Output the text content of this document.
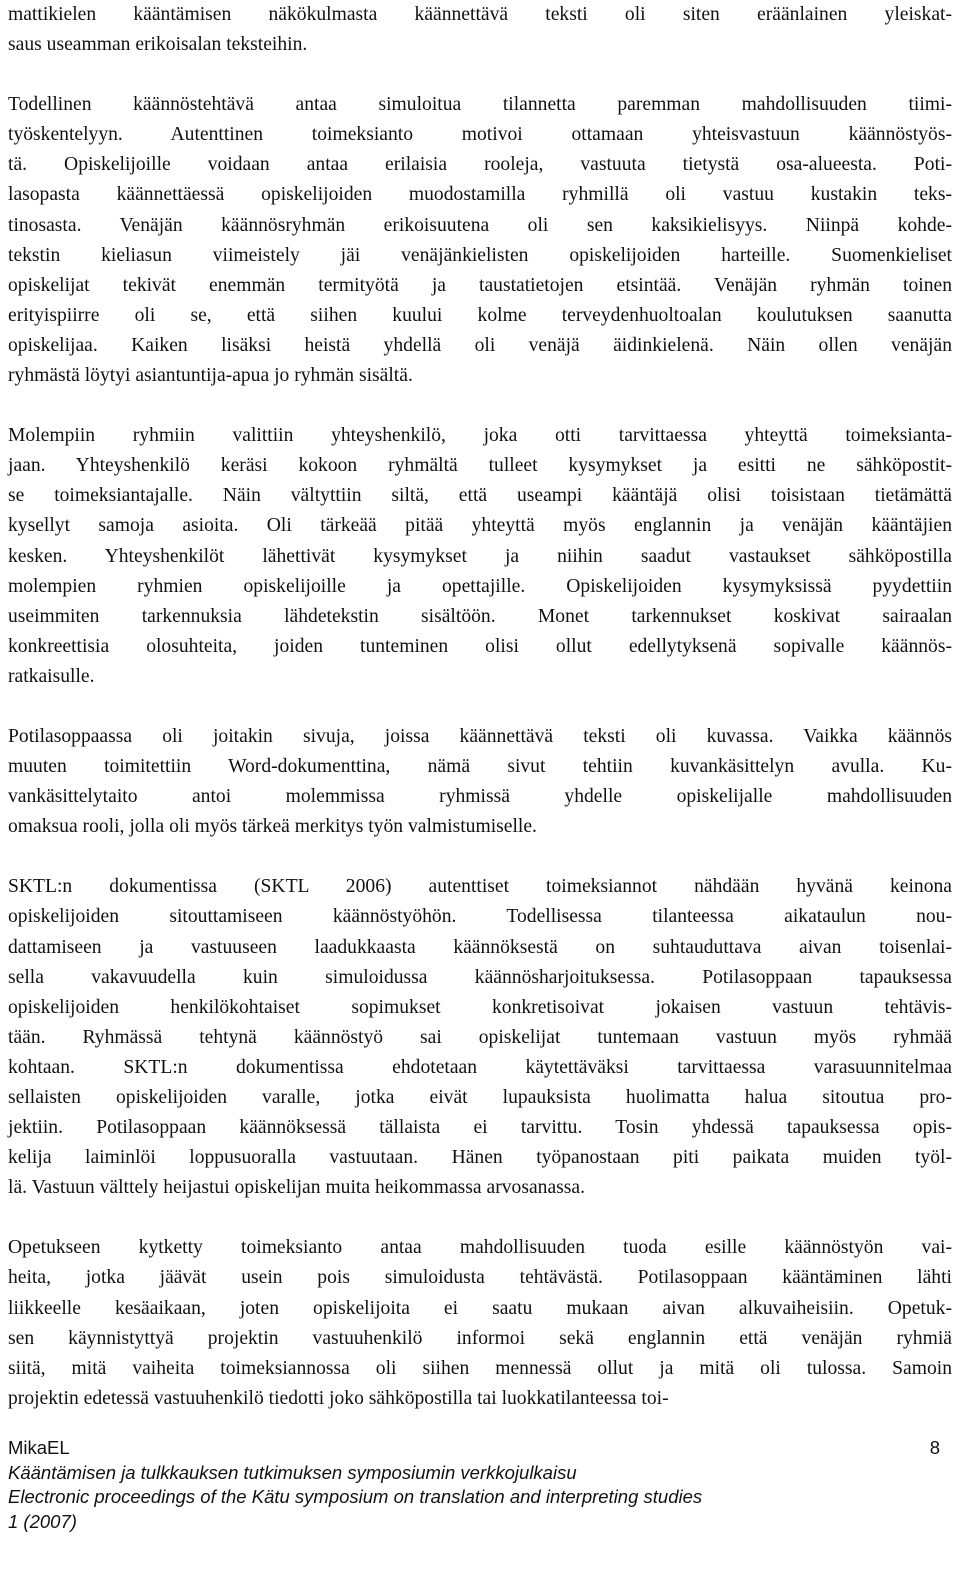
mattikielen kääntämisen näkökulmasta käännettävä teksti oli siten eräänlainen yleiskat-
saus useamman erikoisalan teksteihin.

Todellinen käännöstehtävä antaa simuloitua tilannetta paremman mahdollisuuden tiimi-
työskentelyyn. Autenttinen toimeksianto motivoi ottamaan yhteisvastuun käännöstyös-
tä. Opiskelijoille voidaan antaa erilaisia rooleja, vastuuta tietystä osa-alueesta. Poti-
lasopasta käännettäessä opiskelijoiden muodostamilla ryhmillä oli vastuu kustakin teks-
tinosasta. Venäjän käännösryhmän erikoisuutena oli sen kaksikielisyys. Niinpä kohde-
tekstin kieliasun viimeistely jäi venäjänkielisten opiskelijoiden harteille. Suomenkieliset
opiskelijat tekivät enemmän termityötä ja taustatietojen etsintää. Venäjän ryhmän toinen
erityispiirre oli se, että siihen kuului kolme terveydenhuoltoalan koulutuksen saanutta
opiskelijaa. Kaiken lisäksi heistä yhdellä oli venäjä äidinkielenä. Näin ollen venäjän
ryhmästä löytyi asiantuntija-apua jo ryhmän sisältä.

Molempiin ryhmiin valittiin yhteyshenkilö, joka otti tarvittaessa yhteyttä toimeksianta-
jaan. Yhteyshenkilö keräsi kokoon ryhmältä tulleet kysymykset ja esitti ne sähköpostit-
se toimeksiantajalle. Näin vältyttiin siltä, että useampi kääntäjä olisi toisistaan tietämättä
kysellyt samoja asioita. Oli tärkeää pitää yhteyttä myös englannin ja venäjän kääntäjien
kesken. Yhteyshenkilöt lähettivät kysymykset ja niihin saadut vastaukset sähköpostilla
molempien ryhmien opiskelijoille ja opettajille. Opiskelijoiden kysymyksissä pyydettiin
useimmiten tarkennuksia lähdetekstin sisältöön. Monet tarkennukset koskivat sairaalan
konkreettisia olosuhteita, joiden tunteminen olisi ollut edellytyksenä sopivalle käännös-
ratkaisulle.

Potilasoppaassa oli joitakin sivuja, joissa käännettävä teksti oli kuvassa. Vaikka käännös
muuten toimitettiin Word-dokumenttina, nämä sivut tehtiin kuvankäsittelyn avulla. Ku-
vankäsittelytaito antoi molemmissa ryhmissä yhdelle opiskelijalle mahdollisuuden
omaksua rooli, jolla oli myös tärkeä merkitys työn valmistumiselle.

SKTL:n dokumentissa (SKTL 2006) autenttiset toimeksiannot nähdään hyvänä keinona
opiskelijoiden sitouttamiseen käännöstyöhön. Todellisessa tilanteessa aikataulun nou-
dattamiseen ja vastuuseen laadukkaasta käännöksestä on suhtauduttava aivan toisenlai-
sella vakavuudella kuin simuloidussa käännösharjoituksessa. Potilasoppaan tapauksessa
opiskelijoiden henkilökohtaiset sopimukset konkretisoivat jokaisen vastuun tehtävis-
tään. Ryhmässä tehtynä käännöstyö sai opiskelijat tuntemaan vastuun myös ryhmää
kohtaan. SKTL:n dokumentissa ehdotetaan käytettäväksi tarvittaessa varasuunnitelmaa
sellaisten opiskelijoiden varalle, jotka eivät lupauksista huolimatta halua sitoutua pro-
jektiin. Potilasoppaan käännöksessä tällaista ei tarvittu. Tosin yhdessä tapauksessa opis-
kelija laiminlöi loppusuoralla vastuutaan. Hänen työpanostaan piti paikata muiden työl-
lä. Vastuun välttely heijastui opiskelijan muita heikommassa arvosanassa.

Opetukseen kytketty toimeksianto antaa mahdollisuuden tuoda esille käännöstyön vai-
heita, jotka jäävät usein pois simuloidusta tehtävästä. Potilasoppaan kääntäminen lähti
liikkeelle kesäaikaan, joten opiskelijoita ei saatu mukaan aivan alkuvaiheisiin. Opetuk-
sen käynnistyttyä projektin vastuuhenkilö informoi sekä englannin että venäjän ryhmiä
siitä, mitä vaiheita toimeksiannossa oli siihen mennessä ollut ja mitä oli tulossa. Samoin
projektin edetessä vastuuhenkilö tiedotti joko sähköpostilla tai luokkatilanteessa toi-

MikaEL	8
Kääntämisen ja tulkkauksen tutkimuksen symposiumin verkkojulkaisu
Electronic proceedings of the Kätu symposium on translation and interpreting studies
1 (2007)
